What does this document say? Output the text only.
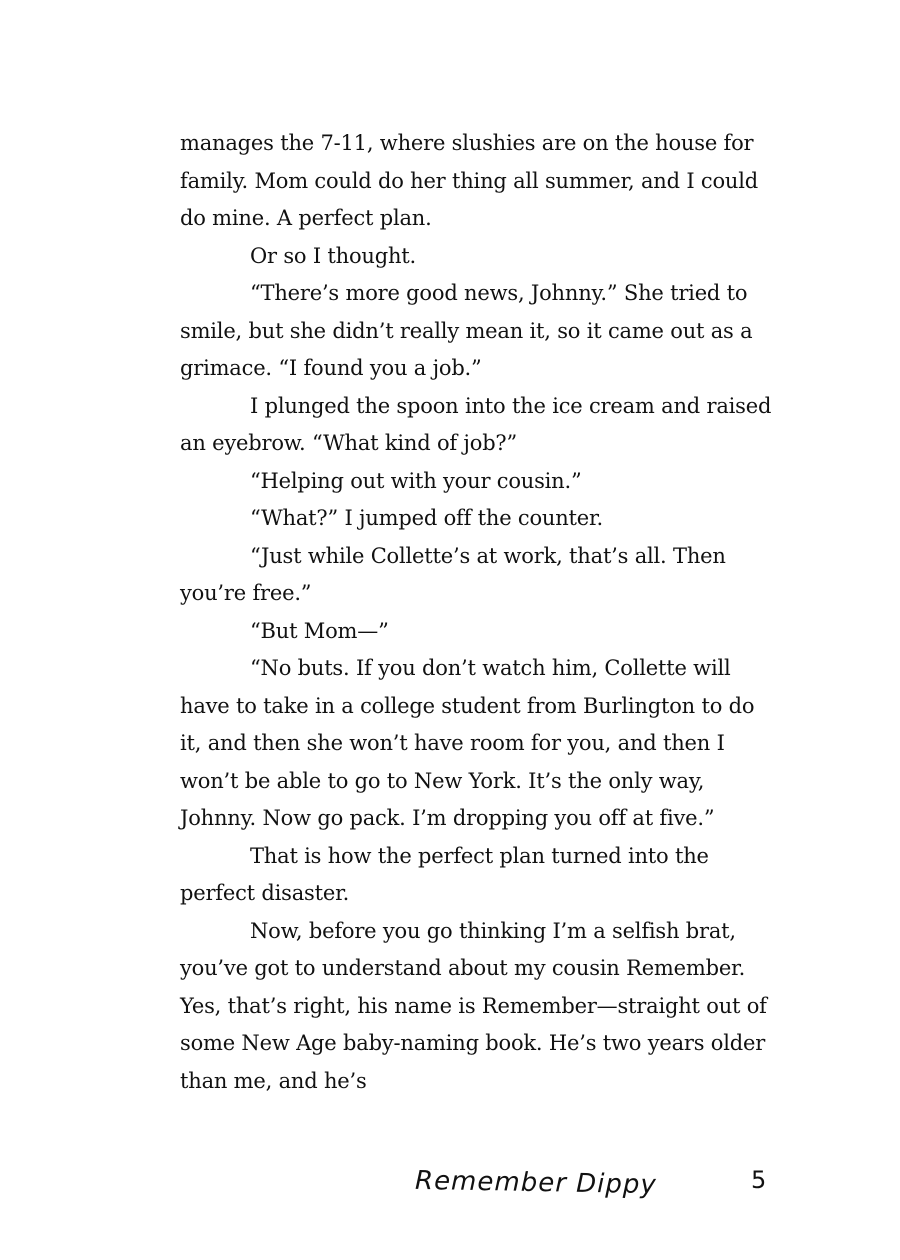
manages the 7-11, where slushies are on the house for family. Mom could do her thing all summer, and I could do mine. A perfect plan.

Or so I thought.

“There’s more good news, Johnny.” She tried to smile, but she didn’t really mean it, so it came out as a grimace. “I found you a job.”

I plunged the spoon into the ice cream and raised an eyebrow. “What kind of job?”

“Helping out with your cousin.”

“What?” I jumped off the counter.

“Just while Collette’s at work, that’s all. Then you’re free.”

“But Mom—”

“No buts. If you don’t watch him, Collette will have to take in a college student from Burlington to do it, and then she won’t have room for you, and then I won’t be able to go to New York. It’s the only way, Johnny. Now go pack. I’m dropping you off at five.”

That is how the perfect plan turned into the perfect disaster.

Now, before you go thinking I’m a selfish brat, you’ve got to understand about my cousin Remember. Yes, that’s right, his name is Remember—straight out of some New Age baby-naming book. He’s two years older than me, and he’s

Remember Dippy	5
